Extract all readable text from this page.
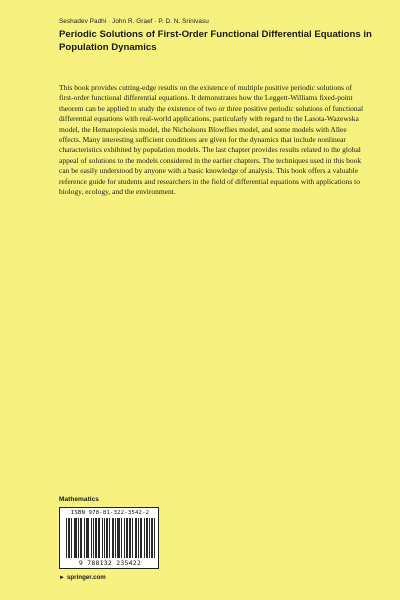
Seshadev Padhi · John R. Graef · P. D. N. Srinivasu
Periodic Solutions of First-Order Functional Differential Equations in Population Dynamics
This book provides cutting-edge results on the existence of multiple positive periodic solutions of first-order functional differential equations. It demonstrates how the Leggett-Williams fixed-point theorem can be applied to study the existence of two or three positive periodic solutions of functional differential equations with real-world applications, particularly with regard to the Lasota-Wazewska model, the Hematopoiesis model, the Nicholsons Blowflies model, and some models with Allee effects. Many interesting sufficient conditions are given for the dynamics that include nonlinear characteristics exhibited by population models. The last chapter provides results related to the global appeal of solutions to the models considered in the earlier chapters. The techniques used in this book can be easily understood by anyone with a basic knowledge of analysis. This book offers a valuable reference guide for students and researchers in the field of differential equations with applications to biology, ecology, and the environment.
Mathematics
ISBN 978-81-322-3542-2
9 788132 235422
► springer.com
